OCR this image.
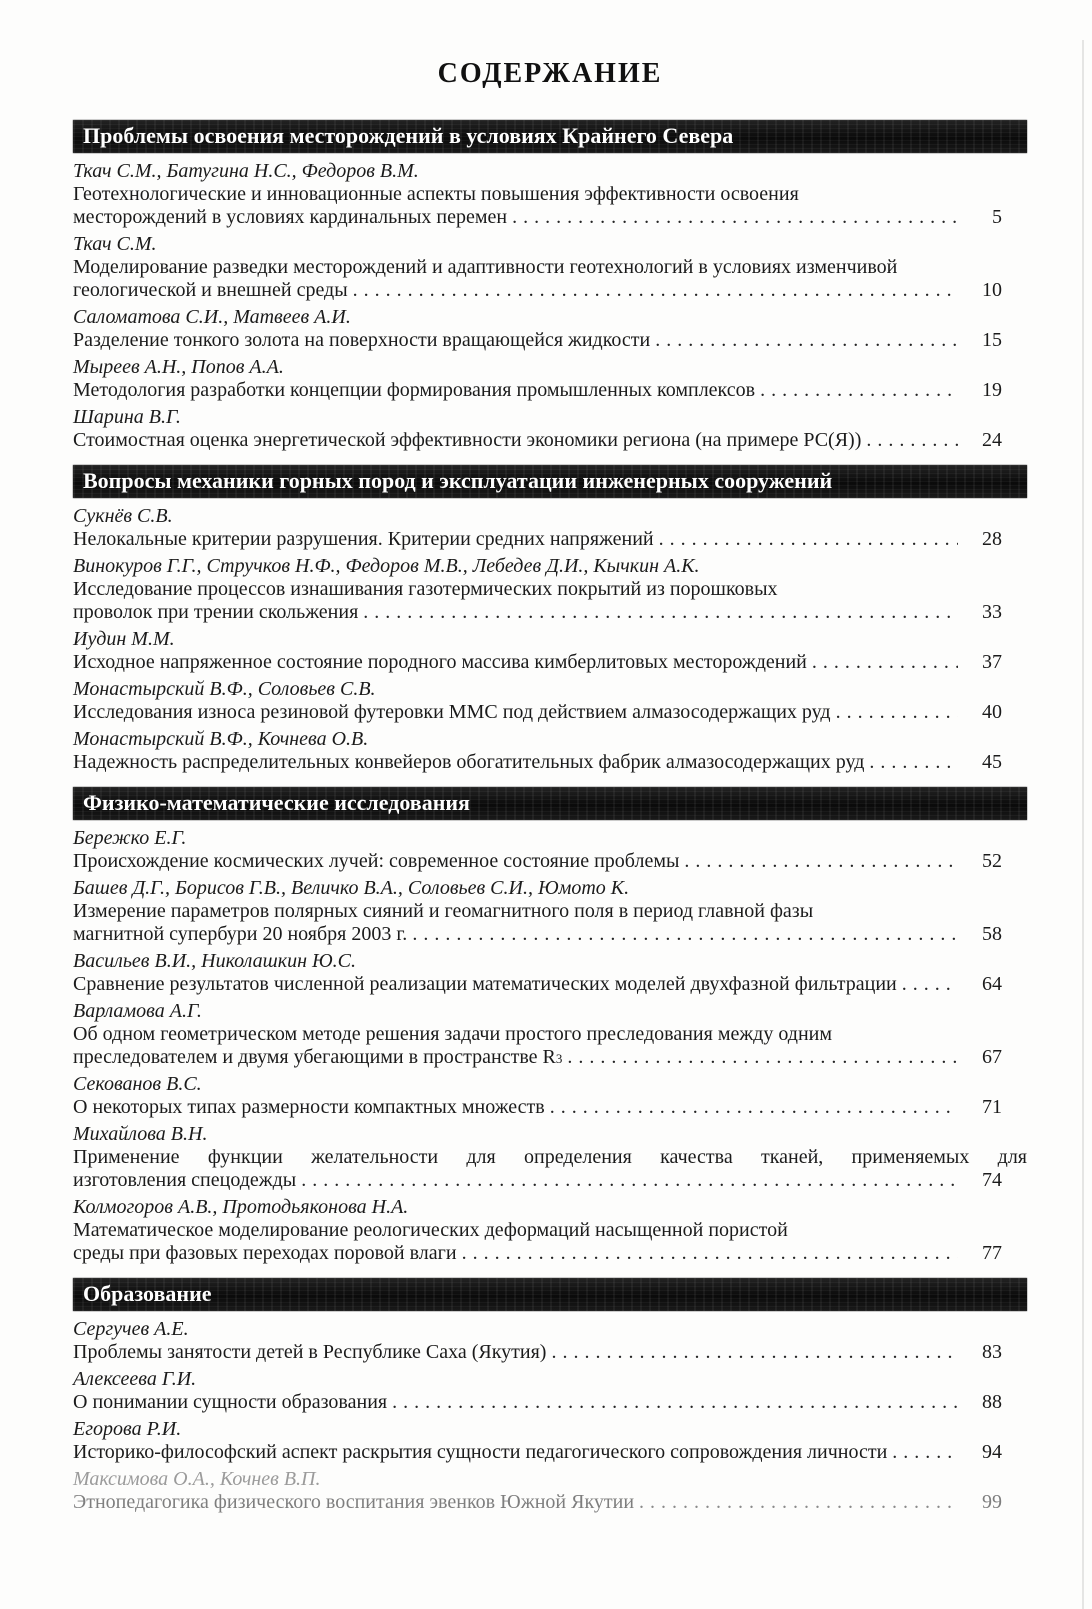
СОДЕРЖАНИЕ
Проблемы освоения месторождений в условиях Крайнего Севера
Ткач С.М., Батугина Н.С., Федоров В.М.
Геотехнологические и инновационные аспекты повышения эффективности освоения
месторождений в условиях кардинальных перемен .....	5
Ткач С.М.
Моделирование разведки месторождений и адаптивности геотехнологий в условиях изменчивой
геологической и внешней среды .....	10
Саломатова С.И., Матвеев А.И.
Разделение тонкого золота на поверхности вращающейся жидкости .....	15
Мыреев А.Н., Попов А.А.
Методология разработки концепции формирования промышленных комплексов .....	19
Шарина В.Г.
Стоимостная оценка энергетической эффективности экономики региона (на примере РС(Я)) .....	24
Вопросы механики горных пород и эксплуатации инженерных сооружений
Сукнёв С.В.
Нелокальные критерии разрушения. Критерии средних напряжений .....	28
Винокуров Г.Г., Стручков Н.Ф., Федоров М.В., Лебедев Д.И., Кычкин А.К.
Исследование процессов изнашивания газотермических покрытий из порошковых
проволок при трении скольжения .....	33
Иудин М.М.
Исходное напряженное состояние породного массива кимберлитовых месторождений .....	37
Монастырский В.Ф., Соловьев С.В.
Исследования износа резиновой футеровки ММС под действием алмазосодержащих руд .....	40
Монастырский В.Ф., Кочнева О.В.
Надежность распределительных конвейеров обогатительных фабрик алмазосодержащих руд .....	45
Физико-математические исследования
Бережко Е.Г.
Происхождение космических лучей: современное состояние проблемы .....	52
Башев Д.Г., Борисов Г.В., Величко В.А., Соловьев С.И., Юмото К.
Измерение параметров полярных сияний и геомагнитного поля в период главной фазы
магнитной супербури 20 ноября 2003 г. .....	58
Васильев В.И., Николашкин Ю.С.
Сравнение результатов численной реализации математических моделей двухфазной фильтрации .....	64
Варламова А.Г.
Об одном геометрическом методе решения задачи простого преследования между одним
преследователем и двумя убегающими в пространстве R 3 .....	67
Секованов В.С.
О некоторых типах размерности компактных множеств .....	71
Михайлова В.Н.
Применение функции желательности для определения качества тканей, применяемых для
изготовления спецодежды .....	74
Колмогоров А.В., Протодьяконова Н.А.
Математическое моделирование реологических деформаций насыщенной пористой
среды при фазовых переходах поровой влаги .....	77
Образование
Сергучев А.Е.
Проблемы занятости детей в Республике Саха (Якутия) .....	83
Алексеева Г.И.
О понимании сущности образования .....	88
Егорова Р.И.
Историко-философский аспект раскрытия сущности педагогического сопровождения личности .....	94
Максимова О.А., Кочнев В.П.
Этнопедагогика физического воспитания эвенков Южной Якутии .....	99
